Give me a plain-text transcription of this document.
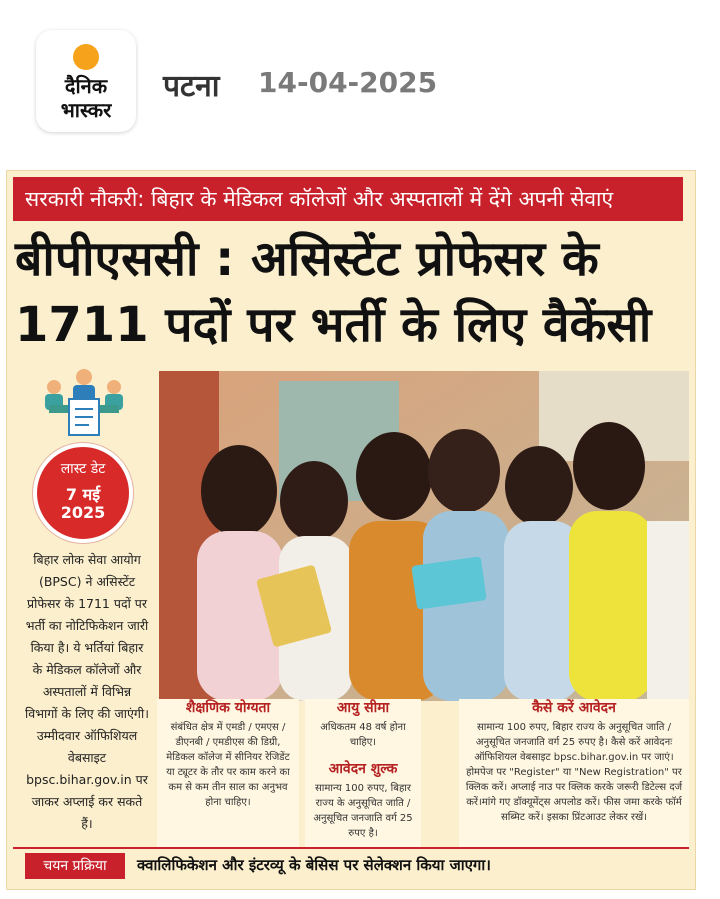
दैनिक
भास्कर
पटना 14-04-2025
सरकारी नौकरी: बिहार के मेडिकल कॉलेजों और अस्पतालों में देंगे अपनी सेवाएं
बीपीएससी : असिस्टेंट प्रोफेसर के
1711 पदों पर भर्ती के लिए वैकेंसी
लास्ट डेट
7 मई
2025
बिहार लोक सेवा आयोग (BPSC) ने असिस्टेंट प्रोफेसर के 1711 पदों पर भर्ती का नोटिफिकेशन जारी किया है। ये भर्तियां बिहार के मेडिकल कॉलेजों और अस्पतालों में विभिन्न विभागों के लिए की जाएंगी। उम्मीदवार ऑफिशियल वेबसाइट bpsc.bihar.gov.in पर जाकर अप्लाई कर सकते हैं।
शैक्षणिक योग्यता

संबंधित क्षेत्र में एमडी / एमएस / डीएनबी / एमडीएस की डिग्री, मेडिकल कॉलेज में सीनियर रेजिडेंट या ट्यूटर के तौर पर काम करने का कम से कम तीन साल का अनुभव होना चाहिए।

आयु सीमा

अधिकतम 48 वर्ष होना चाहिए।

आवेदन शुल्क

सामान्य 100 रुपए, बिहार राज्य के अनुसूचित जाति / अनुसूचित जनजाति वर्ग 25 रुपए है।

कैसे करें आवेदन

सामान्य 100 रुपए, बिहार राज्य के अनुसूचित जाति / अनुसूचित जनजाति वर्ग 25 रुपए है। कैसे करें आवेदनः ऑफिशियल वेबसाइट bpsc.bihar.gov.in पर जाएं। होमपेज पर "Register" या "New Registration" पर क्लिक करें। अप्लाई नाउ पर क्लिक करके जरूरी डिटेल्स दर्ज करें।मांगे गए डॉक्यूमेंट्स अपलोड करें। फीस जमा करके फॉर्म सब्मिट करें। इसका प्रिंटआउट लेकर रखें।

चयन प्रक्रिया	क्वालिफिकेशन और इंटरव्यू के बेसिस पर सेलेक्शन किया जाएगा।
